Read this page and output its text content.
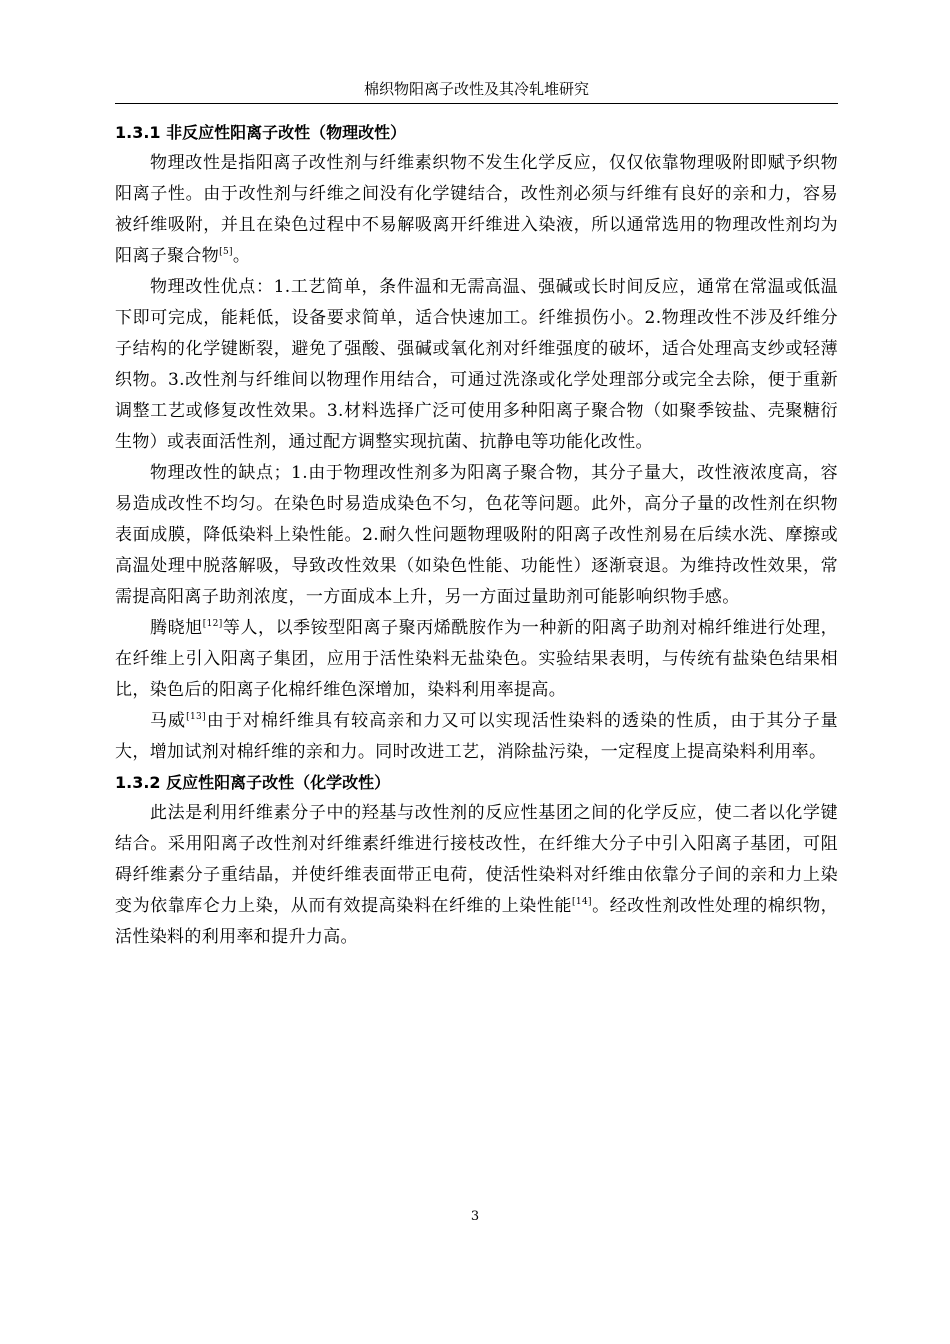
棉织物阳离子改性及其冷轧堆研究
1.3.1 非反应性阳离子改性（物理改性）

物理改性是指阳离子改性剂与纤维素织物不发生化学反应，仅仅依靠物理吸附即赋予织物阳离子性。由于改性剂与纤维之间没有化学键结合，改性剂必须与纤维有良好的亲和力，容易被纤维吸附，并且在染色过程中不易解吸离开纤维进入染液，所以通常选用的物理改性剂均为阳离子聚合物[5]。

物理改性优点：1.工艺简单，条件温和无需高温、强碱或长时间反应，通常在常温或低温下即可完成，能耗低，设备要求简单，适合快速加工。纤维损伤小。2.物理改性不涉及纤维分子结构的化学键断裂，避免了强酸、强碱或氧化剂对纤维强度的破坏，适合处理高支纱或轻薄织物。3.改性剂与纤维间以物理作用结合，可通过洗涤或化学处理部分或完全去除，便于重新调整工艺或修复改性效果。3.材料选择广泛可使用多种阳离子聚合物（如聚季铵盐、壳聚糖衍生物）或表面活性剂，通过配方调整实现抗菌、抗静电等功能化改性。

物理改性的缺点；1.由于物理改性剂多为阳离子聚合物，其分子量大，改性液浓度高，容易造成改性不均匀。在染色时易造成染色不匀，色花等问题。此外，高分子量的改性剂在织物表面成膜，降低染料上染性能。2.耐久性问题物理吸附的阳离子改性剂易在后续水洗、摩擦或高温处理中脱落解吸，导致改性效果（如染色性能、功能性）逐渐衰退。为维持改性效果，常需提高阳离子助剂浓度，一方面成本上升，另一方面过量助剂可能影响织物手感。

腾晓旭[12]等人，以季铵型阳离子聚丙烯酰胺作为一种新的阳离子助剂对棉纤维进行处理，在纤维上引入阳离子集团，应用于活性染料无盐染色。实验结果表明，与传统有盐染色结果相比，染色后的阳离子化棉纤维色深增加，染料利用率提高。

马威[13]由于对棉纤维具有较高亲和力又可以实现活性染料的透染的性质，由于其分子量大，增加试剂对棉纤维的亲和力。同时改进工艺，消除盐污染，一定程度上提高染料利用率。

1.3.2 反应性阳离子改性（化学改性）

此法是利用纤维素分子中的羟基与改性剂的反应性基团之间的化学反应，使二者以化学键结合。采用阳离子改性剂对纤维素纤维进行接枝改性，在纤维大分子中引入阳离子基团，可阻碍纤维素分子重结晶，并使纤维表面带正电荷，使活性染料对纤维由依靠分子间的亲和力上染变为依靠库仑力上染，从而有效提高染料在纤维的上染性能[14]。经改性剂改性处理的棉织物，活性染料的利用率和提升力高。

3
